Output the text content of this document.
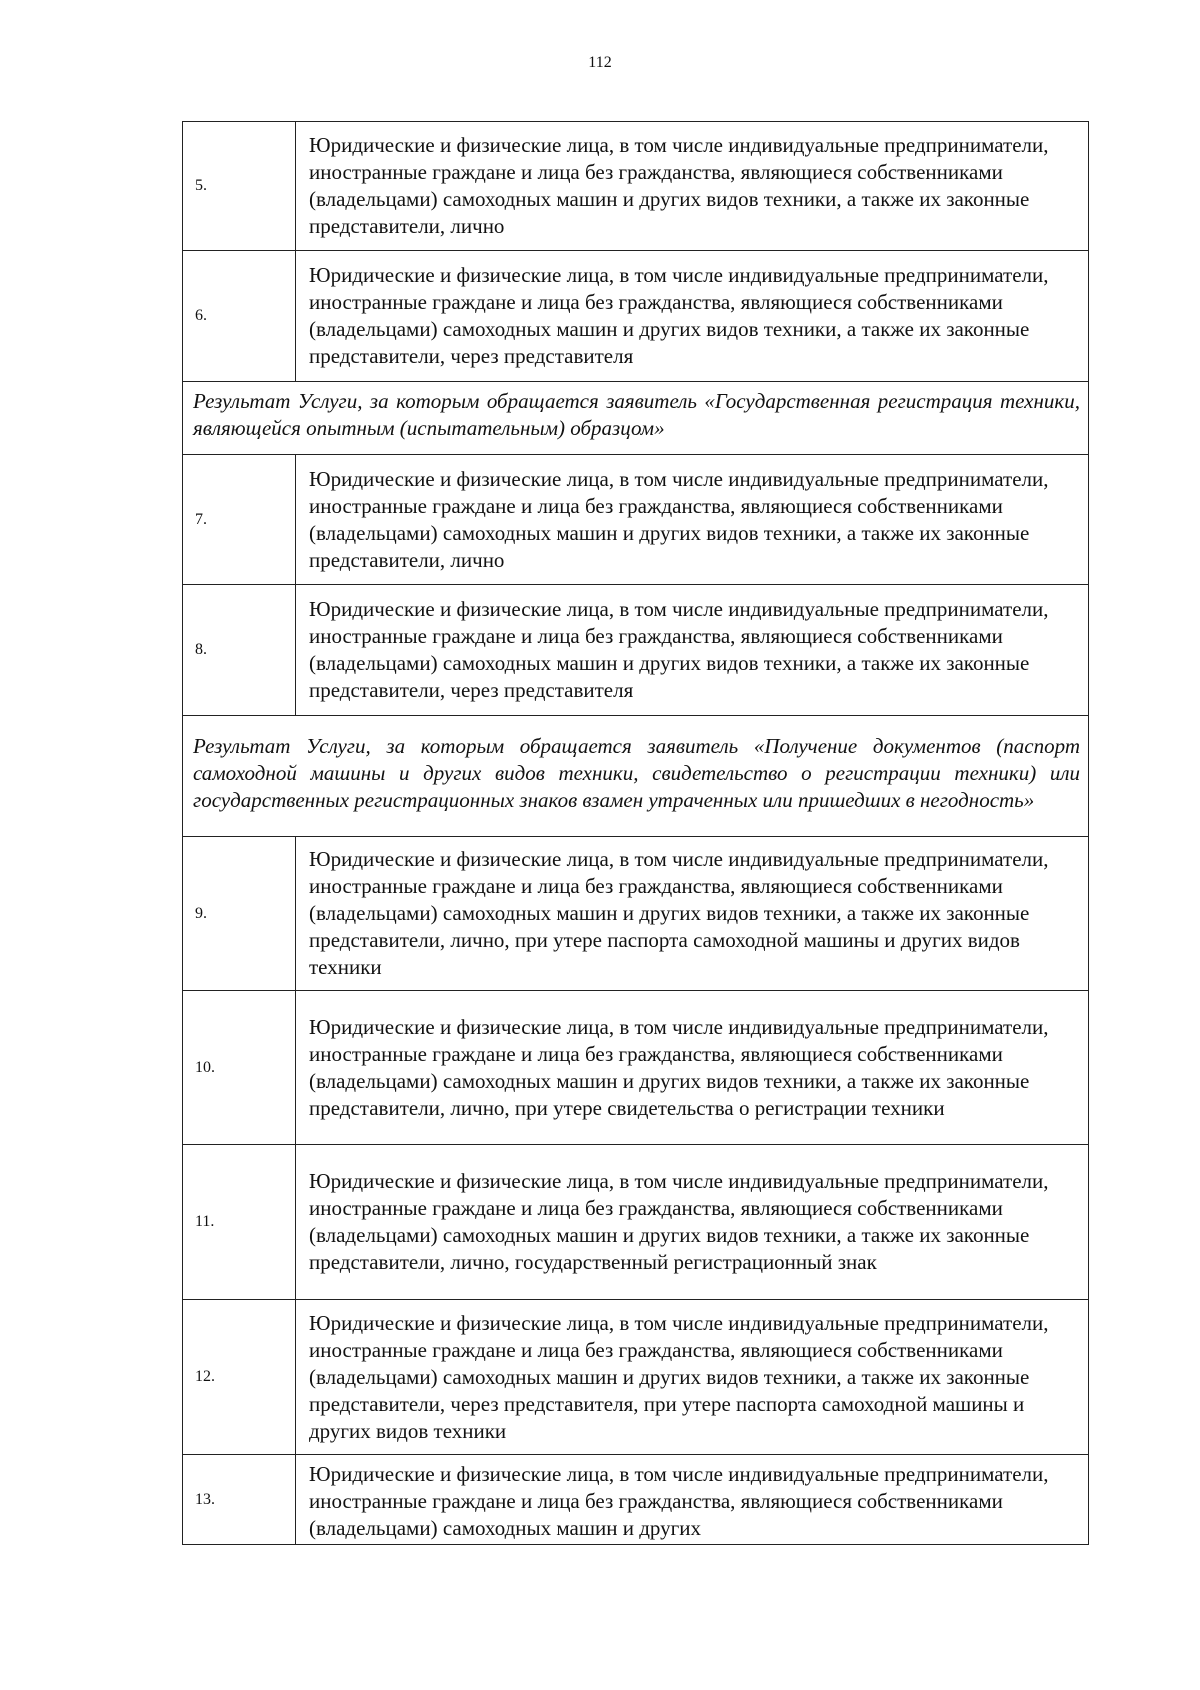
112
5.	Юридические и физические лица, в том числе индивидуальные предприниматели, иностранные граждане и лица без гражданства, являющиеся собственниками (владельцами) самоходных машин и других видов техники, а также их законные представители, лично
6.	Юридические и физические лица, в том числе индивидуальные предприниматели, иностранные граждане и лица без гражданства, являющиеся собственниками (владельцами) самоходных машин и других видов техники, а также их законные представители, через представителя
Результат Услуги, за которым обращается заявитель «Государственная регистрация техники, являющейся опытным (испытательным) образцом»	
7.	Юридические и физические лица, в том числе индивидуальные предприниматели, иностранные граждане и лица без гражданства, являющиеся собственниками (владельцами) самоходных машин и других видов техники, а также их законные представители, лично
8.	Юридические и физические лица, в том числе индивидуальные предприниматели, иностранные граждане и лица без гражданства, являющиеся собственниками (владельцами) самоходных машин и других видов техники, а также их законные представители, через представителя
Результат Услуги, за которым обращается заявитель «Получение документов (паспорт самоходной машины и других видов техники, свидетельство о регистрации техники) или государственных регистрационных знаков взамен утраченных или пришедших в негодность»	
9.	Юридические и физические лица, в том числе индивидуальные предприниматели, иностранные граждане и лица без гражданства, являющиеся собственниками (владельцами) самоходных машин и других видов техники, а также их законные представители, лично, при утере паспорта самоходной машины и других видов техники
10.	Юридические и физические лица, в том числе индивидуальные предприниматели, иностранные граждане и лица без гражданства, являющиеся собственниками (владельцами) самоходных машин и других видов техники, а также их законные представители, лично, при утере свидетельства о регистрации техники
11.	Юридические и физические лица, в том числе индивидуальные предприниматели, иностранные граждане и лица без гражданства, являющиеся собственниками (владельцами) самоходных машин и других видов техники, а также их законные представители, лично, государственный регистрационный знак
12.	Юридические и физические лица, в том числе индивидуальные предприниматели, иностранные граждане и лица без гражданства, являющиеся собственниками (владельцами) самоходных машин и других видов техники, а также их законные представители, через представителя, при утере паспорта самоходной машины и других видов техники
13.	Юридические и физические лица, в том числе индивидуальные предприниматели, иностранные граждане и лица без гражданства, являющиеся собственниками (владельцами) самоходных машин и других
